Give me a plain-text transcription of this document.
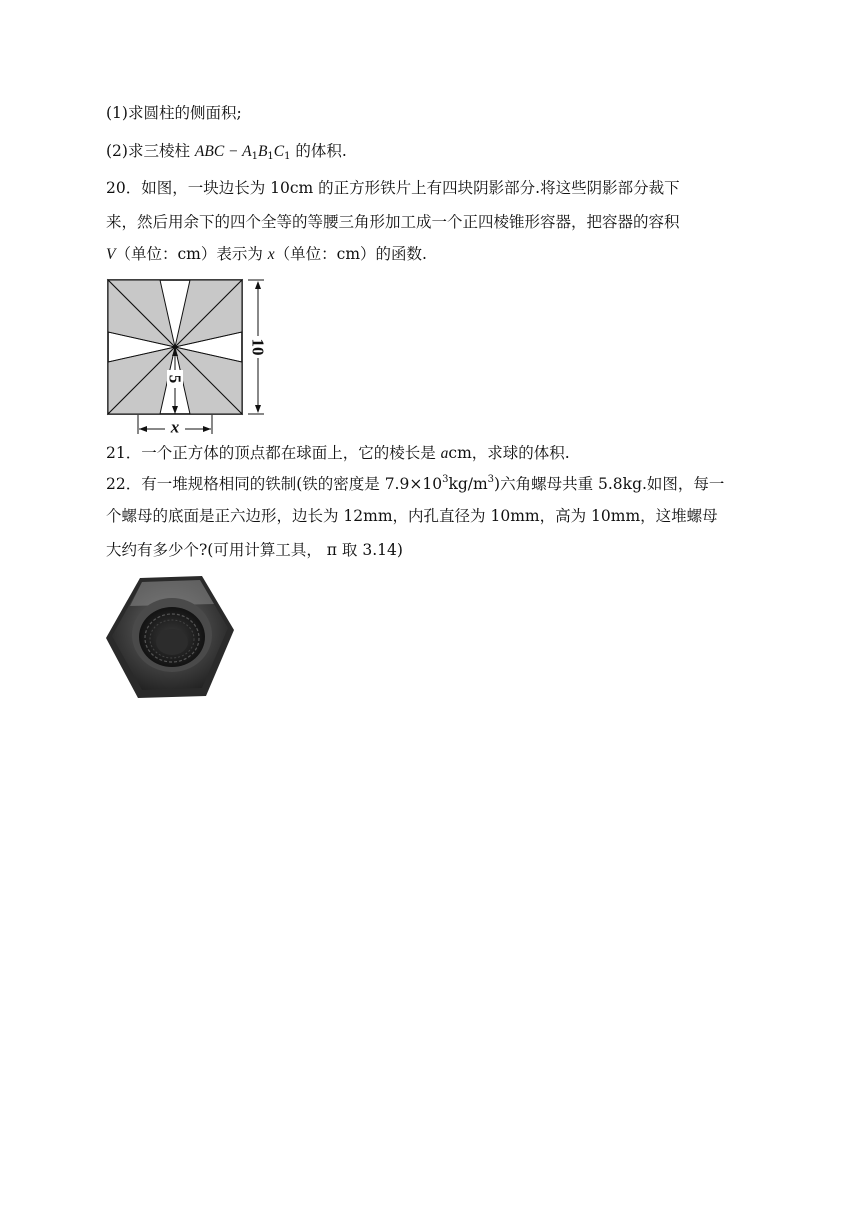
(1)求圆柱的侧面积;
(2)求三棱柱 ABC − $A_1B_1C_1$ 的体积.
20．如图，一块边长为 10cm 的正方形铁片上有四块阴影部分.将这些阴影部分裁下
来，然后用余下的四个全等的等腰三角形加工成一个正四棱锥形容器，把容器的容积
V（单位：cm）表示为 x（单位：cm）的函数.
10
5
x
21．一个正方体的顶点都在球面上，它的棱长是 acm，求球的体积.
22．有一堆规格相同的铁制(铁的密度是 $7.9\times 10^3kg/m^3$)六角螺母共重 5.8kg.如图，每一
个螺母的底面是正六边形，边长为 12mm，内孔直径为 10mm，高为 10mm，这堆螺母
大约有多少个?(可用计算工具， π 取 3.14)
